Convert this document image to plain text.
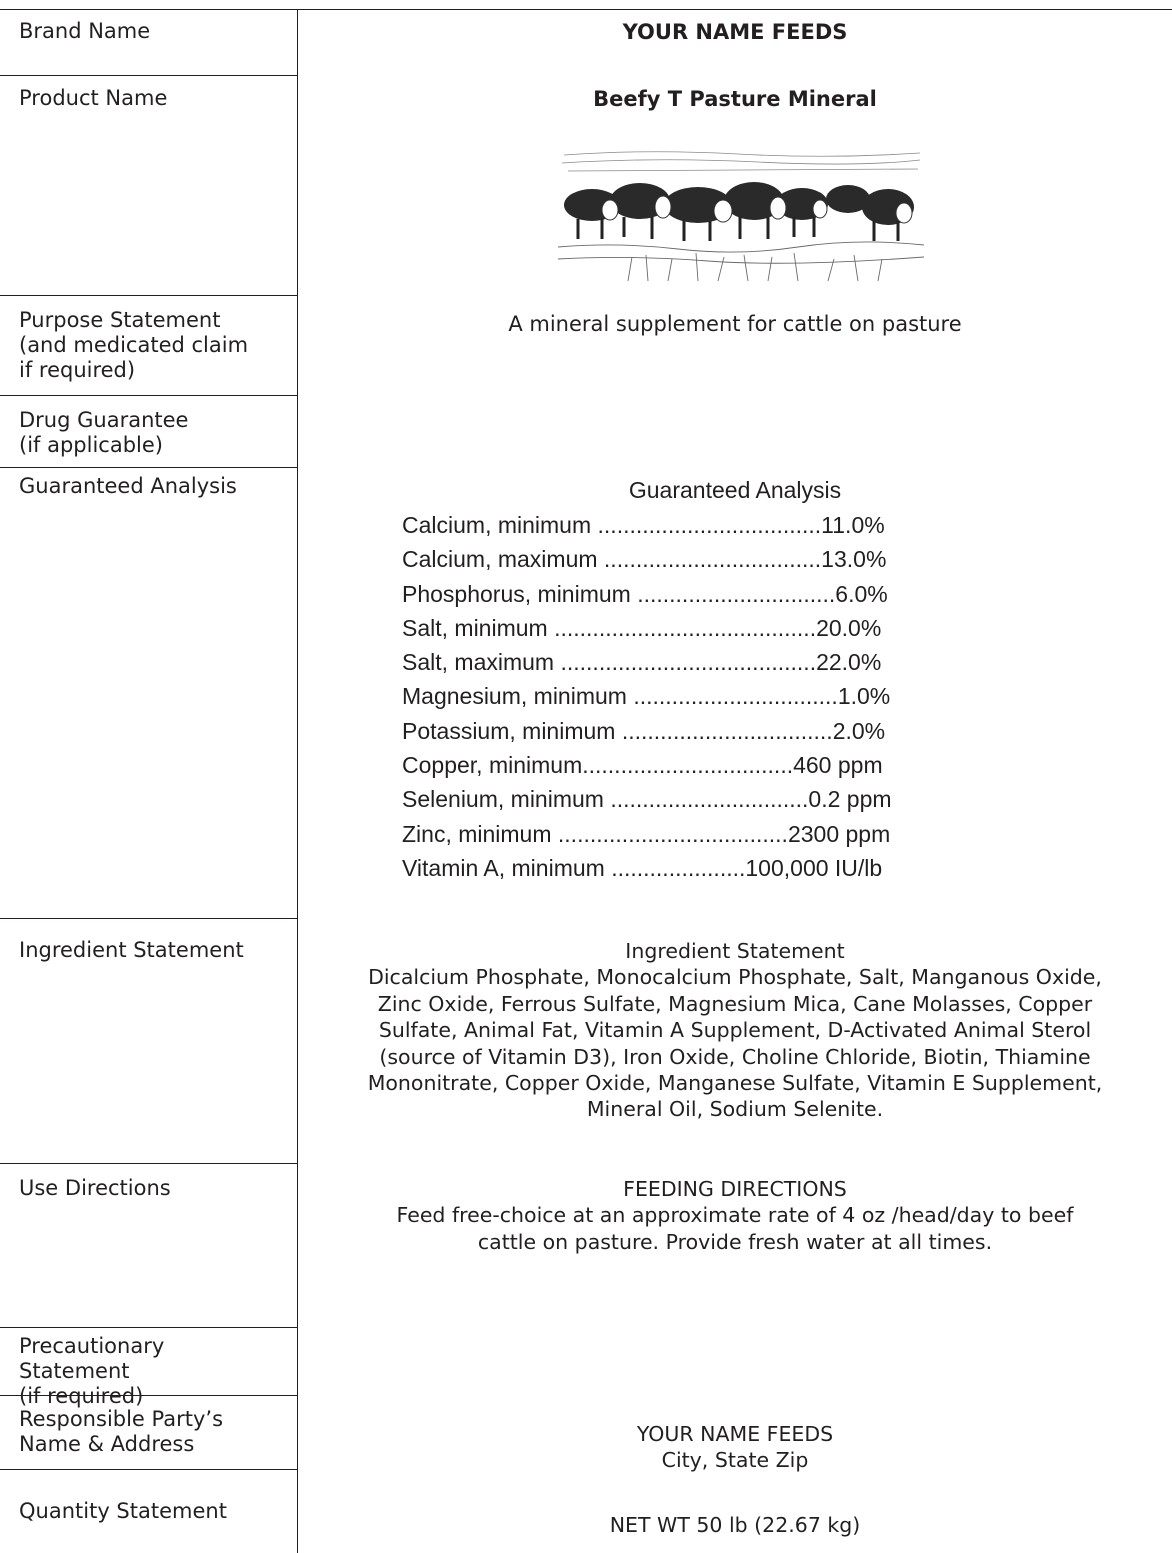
Brand Name
Product Name
Purpose Statement
(and medicated claim
if required)
Drug Guarantee
(if applicable)
Guaranteed Analysis
Ingredient Statement
Use Directions
Precautionary
Statement
(if required)
Responsible Party’s
Name & Address
Quantity Statement
YOUR NAME FEEDS
Beefy T Pasture Mineral
A mineral supplement for cattle on pasture
Guaranteed Analysis
Calcium, minimum ...................................11.0%
Calcium, maximum ..................................13.0%
Phosphorus, minimum ...............................6.0%
Salt, minimum .........................................20.0%
Salt, maximum ........................................22.0%
Magnesium, minimum ................................1.0%
Potassium, minimum .................................2.0%
Copper, minimum.................................460 ppm
Selenium, minimum ...............................0.2 ppm
Zinc, minimum ....................................2300 ppm
Vitamin A, minimum .....................100,000 IU/lb
Ingredient Statement
Dicalcium Phosphate, Monocalcium Phosphate, Salt, Manganous Oxide,
Zinc Oxide, Ferrous Sulfate, Magnesium Mica, Cane Molasses, Copper
Sulfate, Animal Fat, Vitamin A Supplement, D-Activated Animal Sterol
(source of Vitamin D3), Iron Oxide, Choline Chloride, Biotin, Thiamine
Mononitrate, Copper Oxide, Manganese Sulfate, Vitamin E Supplement,
Mineral Oil, Sodium Selenite.
FEEDING DIRECTIONS
Feed free-choice at an approximate rate of 4 oz /head/day to beef
cattle on pasture. Provide fresh water at all times.
YOUR NAME FEEDS
City, State Zip
NET WT 50 lb (22.67 kg)
